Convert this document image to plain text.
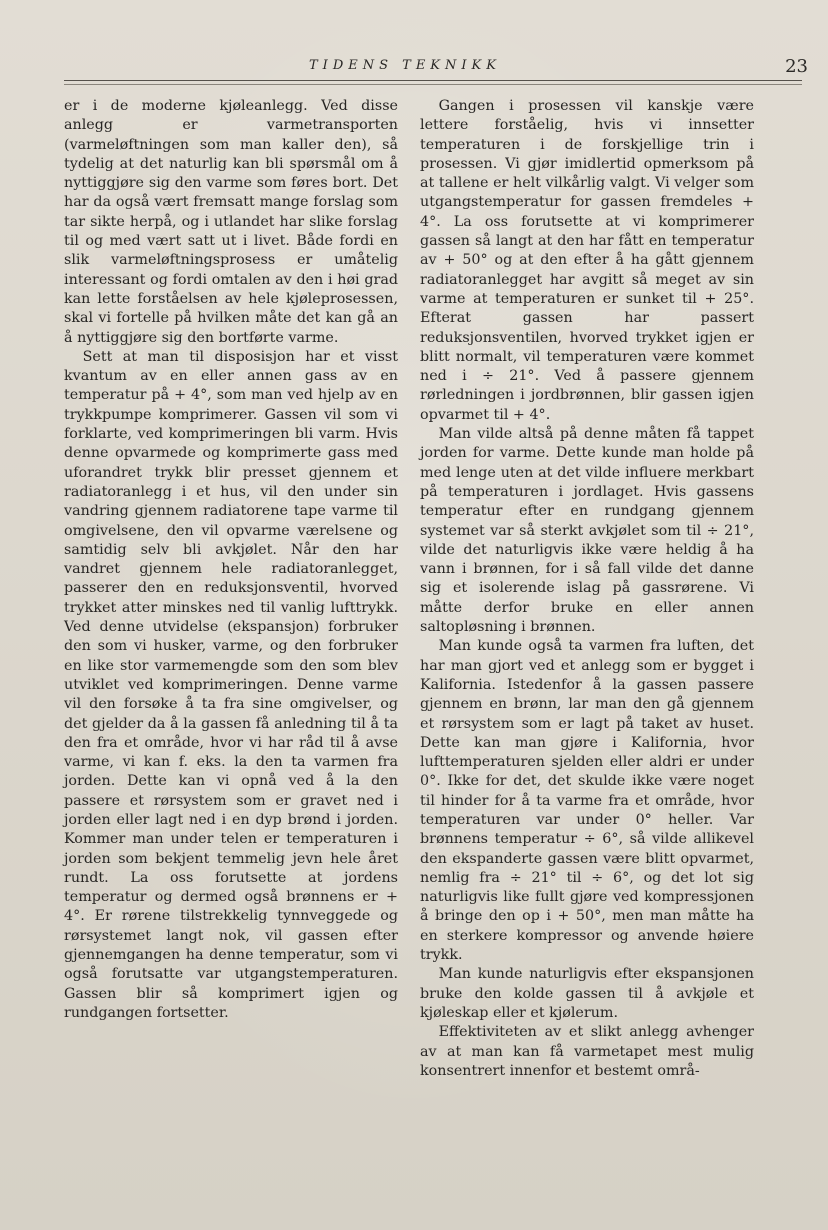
TIDENS TEKNIKK	23

er i de moderne kjøleanlegg. Ved disse anlegg er varmetransporten (varmeløftningen som man kaller den), så tydelig at det naturlig kan bli spørsmål om å nyttiggjøre sig den varme som føres bort. Det har da også vært fremsatt mange forslag som tar sikte herpå, og i utlandet har slike forslag til og med vært satt ut i livet. Både fordi en slik varmeløftningsprosess er umåtelig interessant og fordi omtalen av den i høi grad kan lette forståelsen av hele kjøleprosessen, skal vi fortelle på hvilken måte det kan gå an å nyttiggjøre sig den bortførte varme.

Sett at man til disposisjon har et visst kvantum av en eller annen gass av en temperatur på + 4°, som man ved hjelp av en trykkpumpe komprimerer. Gassen vil som vi forklarte, ved komprimeringen bli varm. Hvis denne opvarmede og komprimerte gass med uforandret trykk blir presset gjennem et radiatoranlegg i et hus, vil den under sin vandring gjennem radiatorene tape varme til omgivelsene, den vil opvarme værelsene og samtidig selv bli avkjølet. Når den har vandret gjennem hele radiatoranlegget, passerer den en reduksjonsventil, hvorved trykket atter minskes ned til vanlig lufttrykk. Ved denne utvidelse (ekspansjon) forbruker den som vi husker, varme, og den forbruker en like stor varmemengde som den som blev utviklet ved komprimeringen. Denne varme vil den forsøke å ta fra sine omgivelser, og det gjelder da å la gassen få anledning til å ta den fra et område, hvor vi har råd til å avse varme, vi kan f. eks. la den ta varmen fra jorden. Dette kan vi opnå ved å la den passere et rørsystem som er gravet ned i jorden eller lagt ned i en dyp brønd i jorden. Kommer man under telen er temperaturen i jorden som bekjent temmelig jevn hele året rundt. La oss forutsette at jordens temperatur og dermed også brønnens er + 4°. Er rørene tilstrekkelig tynnveggede og rørsystemet langt nok, vil gassen efter gjennemgangen ha denne temperatur, som vi også forutsatte var utgangstemperaturen. Gassen blir så komprimert igjen og rundgangen fortsetter.

Gangen i prosessen vil kanskje være lettere forståelig, hvis vi innsetter temperaturen i de forskjellige trin i prosessen. Vi gjør imidlertid opmerksom på at tallene er helt vilkårlig valgt. Vi velger som utgangstemperatur for gassen fremdeles + 4°. La oss forutsette at vi komprimerer gassen så langt at den har fått en temperatur av + 50° og at den efter å ha gått gjennem radiatoranlegget har avgitt så meget av sin varme at temperaturen er sunket til + 25°. Efterat gassen har passert reduksjonsventilen, hvorved trykket igjen er blitt normalt, vil temperaturen være kommet ned i ÷ 21°. Ved å passere gjennem rørledningen i jordbrønnen, blir gassen igjen opvarmet til + 4°.

Man vilde altså på denne måten få tappet jorden for varme. Dette kunde man holde på med lenge uten at det vilde influere merkbart på temperaturen i jordlaget. Hvis gassens temperatur efter en rundgang gjennem systemet var så sterkt avkjølet som til ÷ 21°, vilde det naturligvis ikke være heldig å ha vann i brønnen, for i så fall vilde det danne sig et isolerende islag på gassrørene. Vi måtte derfor bruke en eller annen saltopløsning i brønnen.

Man kunde også ta varmen fra luften, det har man gjort ved et anlegg som er bygget i Kalifornia. Istedenfor å la gassen passere gjennem en brønn, lar man den gå gjennem et rørsystem som er lagt på taket av huset. Dette kan man gjøre i Kalifornia, hvor lufttemperaturen sjelden eller aldri er under 0°. Ikke for det, det skulde ikke være noget til hinder for å ta varme fra et område, hvor temperaturen var under 0° heller. Var brønnens temperatur ÷ 6°, så vilde allikevel den ekspanderte gassen være blitt opvarmet, nemlig fra ÷ 21° til ÷ 6°, og det lot sig naturligvis like fullt gjøre ved kompressjonen å bringe den op i + 50°, men man måtte ha en sterkere kompressor og anvende høiere trykk.

Man kunde naturligvis efter ekspansjonen bruke den kolde gassen til å avkjøle et kjøleskap eller et kjølerum.

Effektiviteten av et slikt anlegg avhenger av at man kan få varmetapet mest mulig konsentrert innenfor et bestemt områ-
